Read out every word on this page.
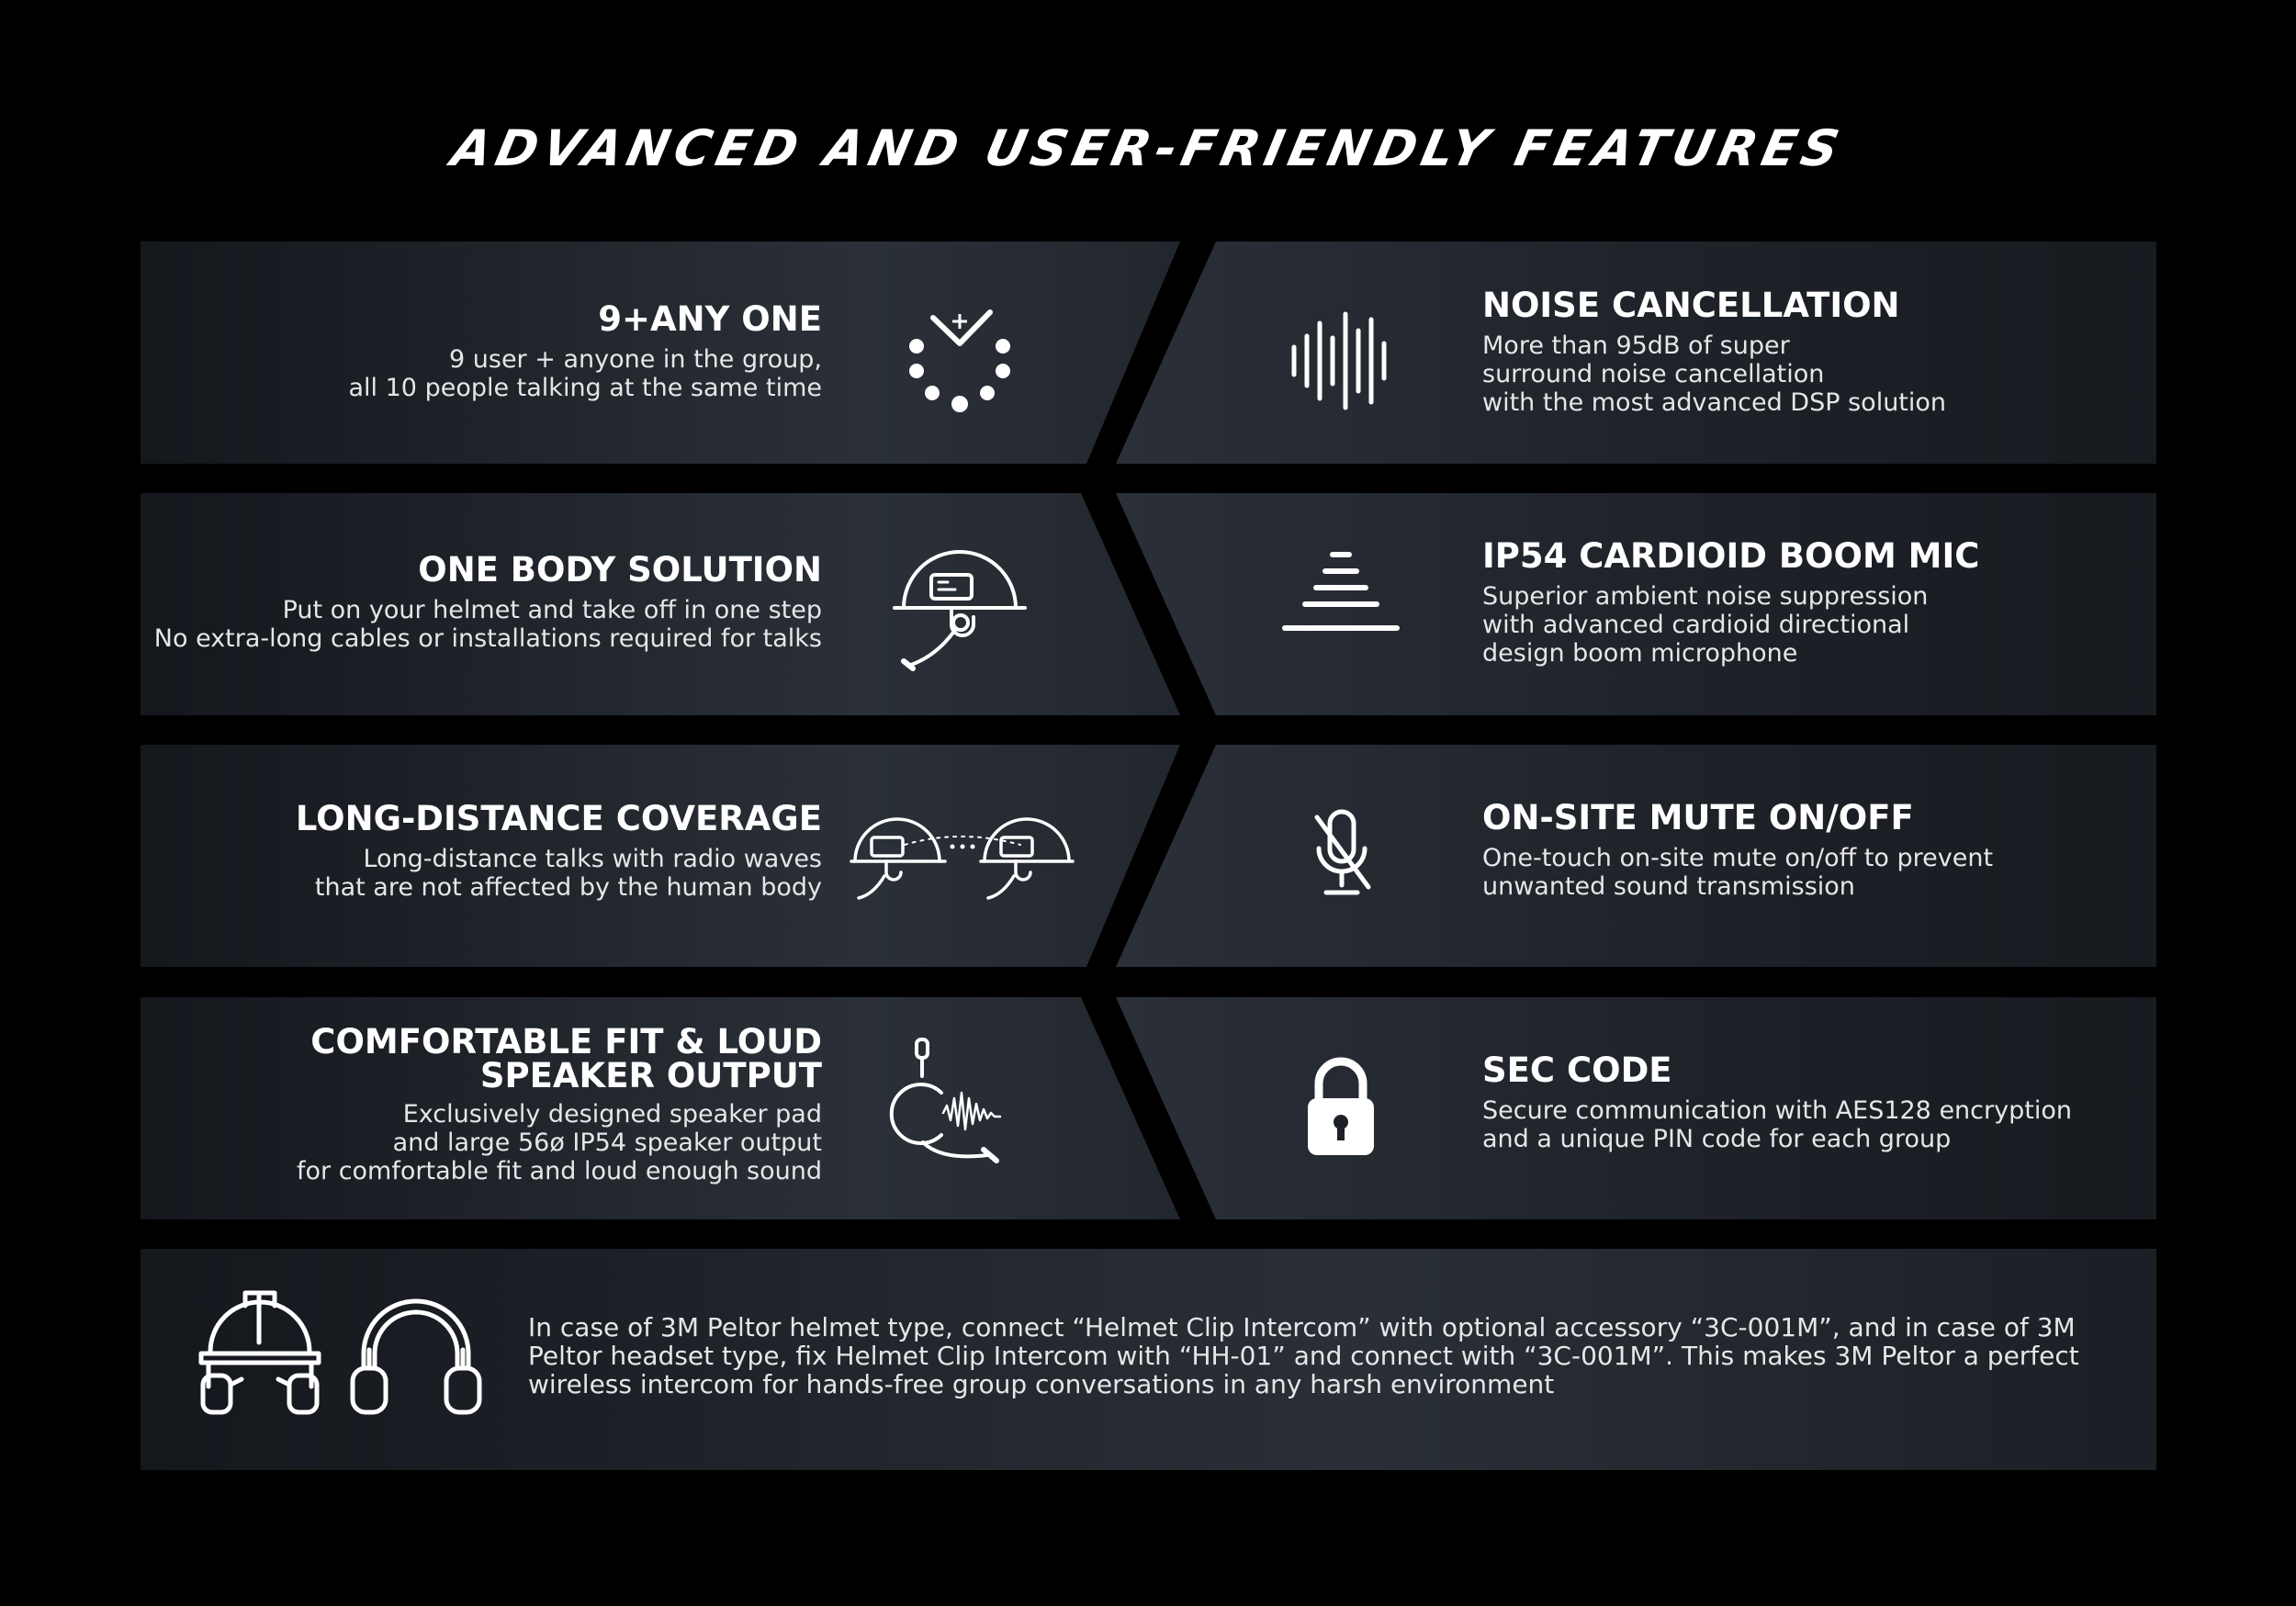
ADVANCED AND USER-FRIENDLY FEATURES
9+ANY ONE
9 user + anyone in the group,
all 10 people talking at the same time
ONE BODY SOLUTION
Put on your helmet and take off in one step
No extra-long cables or installations required for talks
LONG-DISTANCE COVERAGE
Long-distance talks with radio waves
that are not affected by the human body
COMFORTABLE FIT & LOUD
SPEAKER OUTPUT
Exclusively designed speaker pad
and large 56ø IP54 speaker output
for comfortable fit and loud enough sound
NOISE CANCELLATION
More than 95dB of super
surround noise cancellation
with the most advanced DSP solution
IP54 CARDIOID BOOM MIC
Superior ambient noise suppression
with advanced cardioid directional
design boom microphone
ON-SITE MUTE ON/OFF
One-touch on-site mute on/off to prevent
unwanted sound transmission
SEC CODE
Secure communication with AES128 encryption
and a unique PIN code for each group
In case of 3M Peltor helmet type, connect “Helmet Clip Intercom” with optional accessory “3C-001M”, and in case of 3M Peltor headset type, fix Helmet Clip Intercom with “HH-01” and connect with “3C-001M”. This makes 3M Peltor a perfect wireless intercom for hands-free group conversations in any harsh environment
